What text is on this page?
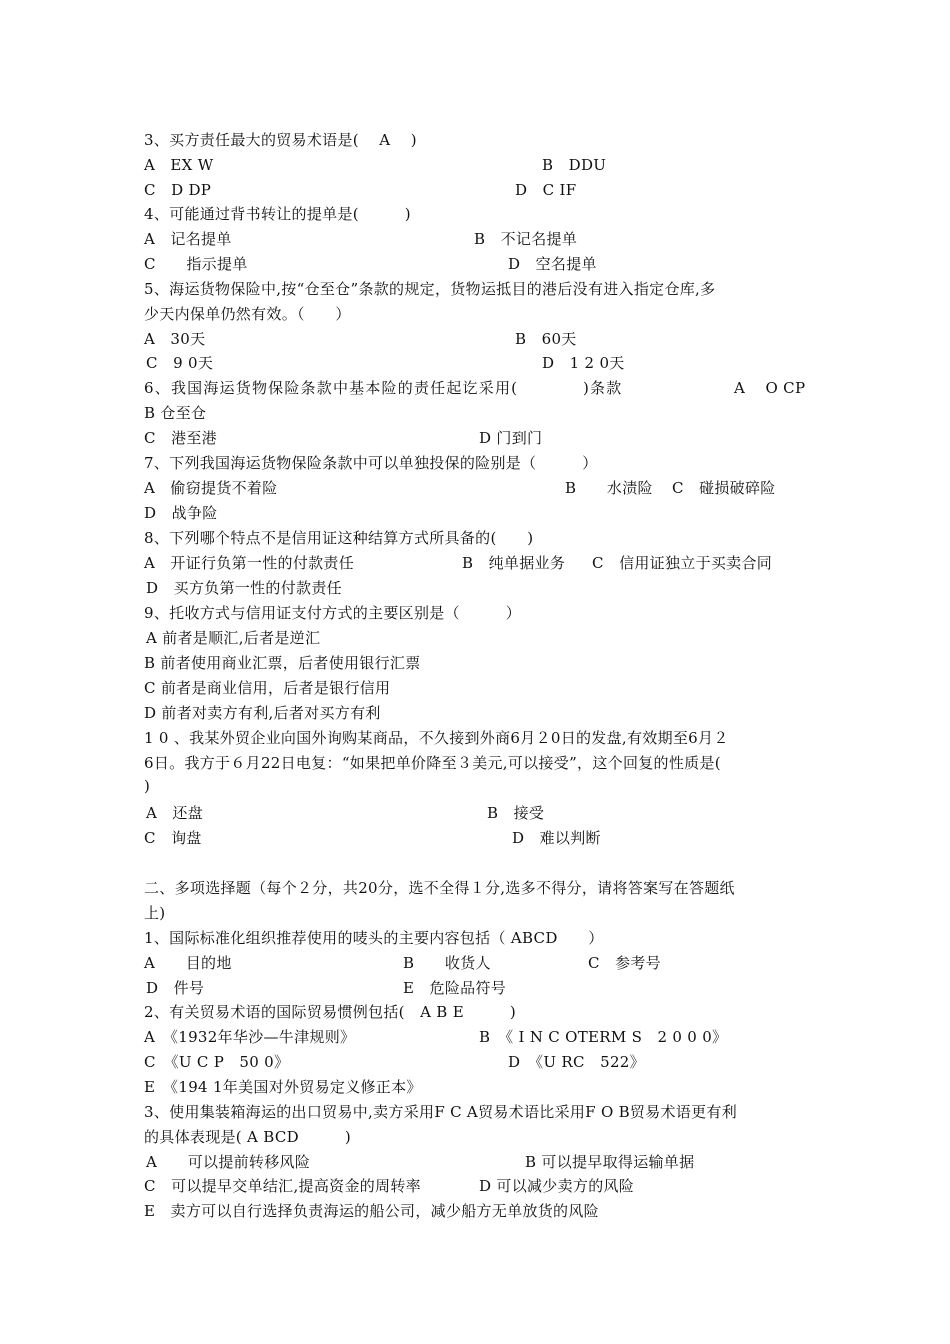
3、买方责任最大的贸易术语是(　 A 　)
A　EX W	B　DDU
C　D DP	D　C IF
4、可能通过背书转让的提单是(　　　)
A　记名提单	B　不记名提单
C　　指示提单	D　空名提单
5、海运货物保险中,按“仓至仓”条款的规定，货物运抵目的港后没有进入指定仓库,多
少天内保单仍然有效。（　　）
A　30天	B　60天
C　9 0天	D　1 2 0天
6、我国海运货物保险条款中基本险的责任起讫采用(　　　　)条款	A　 O CP
B 仓至仓
C　港至港	D 门到门
7、下列我国海运货物保险条款中可以单独投保的险别是（　　　）
A　偷窃提货不着险	B　　水渍险 C　碰损破碎险
D　战争险
8、下列哪个特点不是信用证这种结算方式所具备的(　　)
A　开证行负第一性的付款责任	B　纯单据业务 C　信用证独立于买卖合同
D　买方负第一性的付款责任
9、托收方式与信用证支付方式的主要区别是（　　　）
A 前者是顺汇,后者是逆汇
B 前者使用商业汇票，后者使用银行汇票
C 前者是商业信用，后者是银行信用
D 前者对卖方有利,后者对买方有利
1 0 、我某外贸企业向国外询购某商品，不久接到外商6月２0日的发盘,有效期至6月２
6日。我方于６月22日电复：“如果把单价降至３美元,可以接受”，这个回复的性质是(
)
A　还盘	B　接受
C　询盘	D　难以判断
二、多项选择题（每个２分，共20分，选不全得１分,选多不得分，请将答案写在答题纸
上)
1、国际标准化组织推荐使用的唛头的主要内容包括（ ABCD　　）
A　　目的地	B　　收货人	C　参考号
D　件号	E　危险品符号
2、有关贸易术语的国际贸易惯例包括(　A B E　　　)
A　《1932年华沙—牛津规则》	B　《 I N C OTERM S　2 0 0 0》
C　《U C P　50 0》	D　《U RC　522》
E　《194 1年美国对外贸易定义修正本》
3、使用集装箱海运的出口贸易中,卖方采用F C A贸易术语比采用F O B贸易术语更有利
的具体表现是( A BCD　　　)
A　　可以提前转移风险	B 可以提早取得运输单据
C　可以提早交单结汇,提高资金的周转率	D 可以减少卖方的风险
E　卖方可以自行选择负责海运的船公司，减少船方无单放货的风险
